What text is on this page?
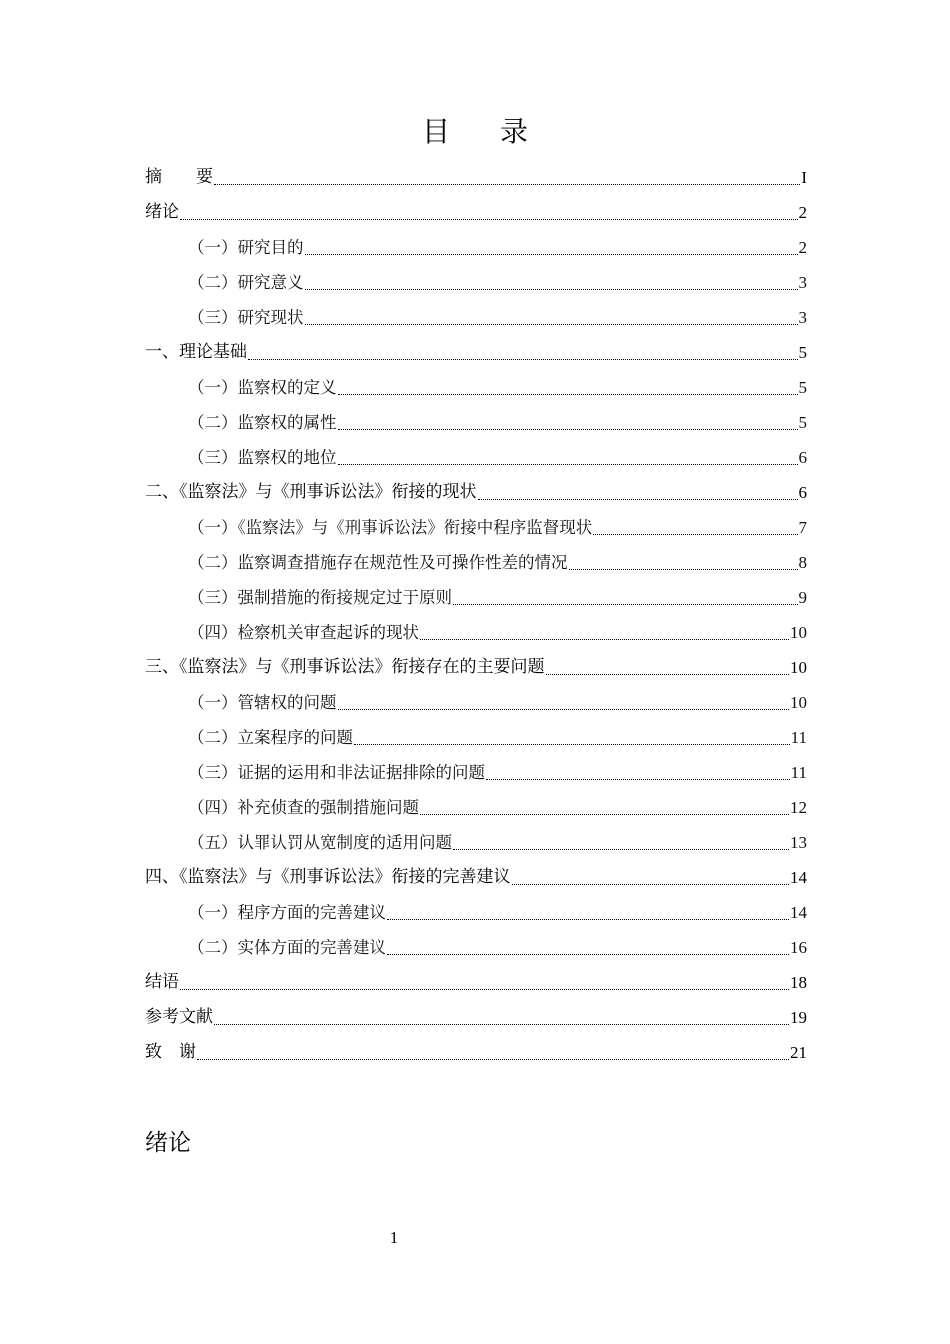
目录
摘　　要	I
绪论	2
（一）研究目的	2
（二）研究意义	3
（三）研究现状	3
一、理论基础	5
（一）监察权的定义	5
（二）监察权的属性	5
（三）监察权的地位	6
二、《监察法》与《刑事诉讼法》衔接的现状	6
（一）《监察法》与《刑事诉讼法》衔接中程序监督现状	7
（二）监察调查措施存在规范性及可操作性差的情况	8
（三）强制措施的衔接规定过于原则	9
（四）检察机关审查起诉的现状	10
三、《监察法》与《刑事诉讼法》衔接存在的主要问题	10
（一）管辖权的问题	10
（二）立案程序的问题	11
（三）证据的运用和非法证据排除的问题	11
（四）补充侦查的强制措施问题	12
（五）认罪认罚从宽制度的适用问题	13
四、《监察法》与《刑事诉讼法》衔接的完善建议	14
（一）程序方面的完善建议	14
（二）实体方面的完善建议	16
结语	18
参考文献	19
致　谢	21
绪论
1
